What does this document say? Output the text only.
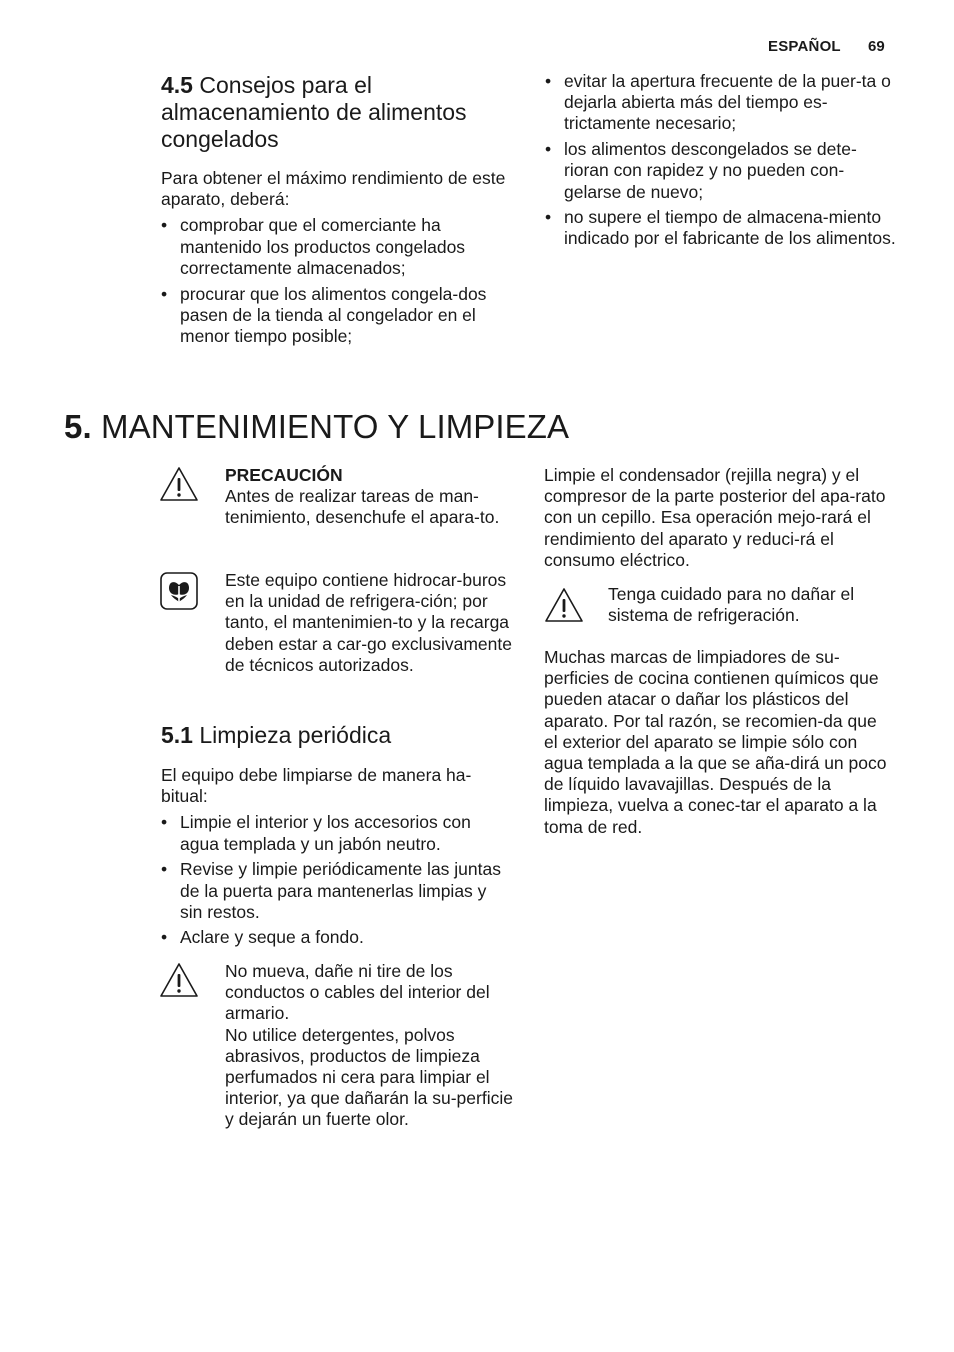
ESPAÑOL 69
4.5 Consejos para el almacenamiento de alimentos congelados

Para obtener el máximo rendimiento de este aparato, deberá:

• comprobar que el comerciante ha mantenido los productos congelados correctamente almacenados;
• procurar que los alimentos congela-dos pasen de la tienda al congelador en el menor tiempo posible;
• evitar la apertura frecuente de la puer-ta o dejarla abierta más del tiempo es-trictamente necesario;
• los alimentos descongelados se dete-rioran con rapidez y no pueden con-gelarse de nuevo;
• no supere el tiempo de almacena-miento indicado por el fabricante de los alimentos.
5. MANTENIMIENTO Y LIMPIEZA
PRECAUCIÓN
Antes de realizar tareas de man-tenimiento, desenchufe el apara-to.
Este equipo contiene hidrocar-buros en la unidad de refrigera-ción; por tanto, el mantenimien-to y la recarga deben estar a car-go exclusivamente de técnicos autorizados.
5.1 Limpieza periódica

El equipo debe limpiarse de manera ha-bitual:

• Limpie el interior y los accesorios con agua templada y un jabón neutro.
• Revise y limpie periódicamente las juntas de la puerta para mantenerlas limpias y sin restos.
• Aclare y seque a fondo.
No mueva, dañe ni tire de los conductos o cables del interior del armario.
No utilice detergentes, polvos abrasivos, productos de limpieza perfumados ni cera para limpiar el interior, ya que dañarán la su-perficie y dejarán un fuerte olor.

Limpie el condensador (rejilla negra) y el compresor de la parte posterior del apa-rato con un cepillo. Esa operación mejo-rará el rendimiento del aparato y reduci-rá el consumo eléctrico.

Tenga cuidado para no dañar el sistema de refrigeración.

Muchas marcas de limpiadores de su-perficies de cocina contienen químicos que pueden atacar o dañar los plásticos del aparato. Por tal razón, se recomien-da que el exterior del aparato se limpie sólo con agua templada a la que se aña-dirá un poco de líquido lavavajillas. Después de la limpieza, vuelva a conec-tar el aparato a la toma de red.
